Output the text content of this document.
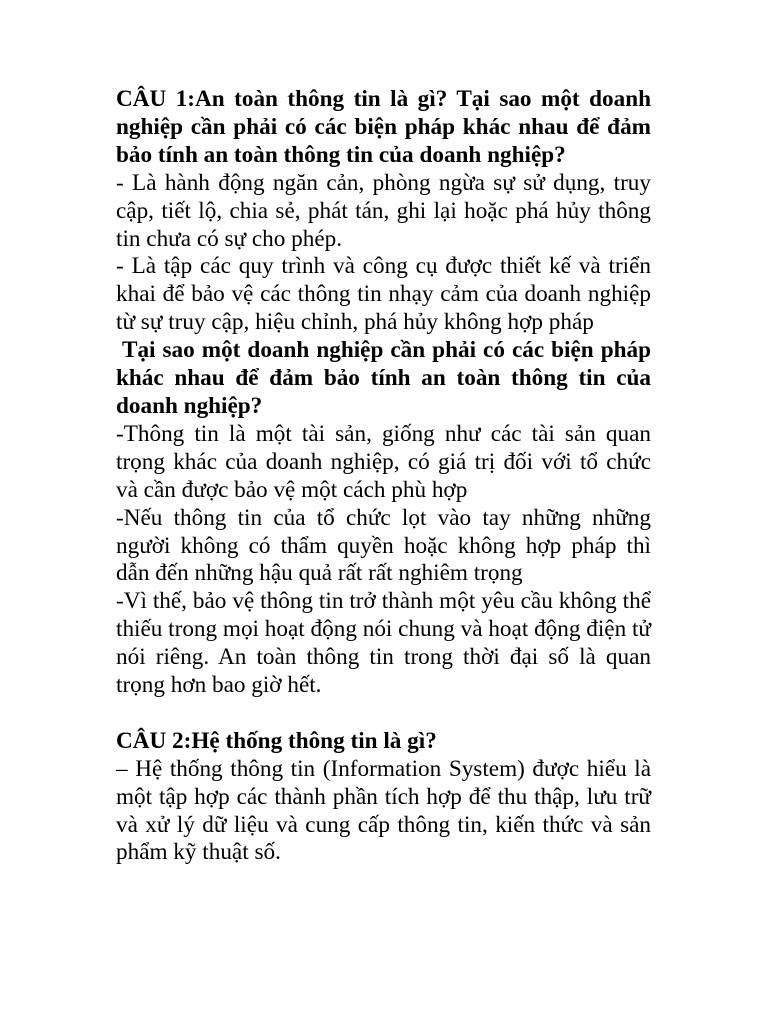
CÂU 1:An toàn thông tin là gì? Tại sao một doanh nghiệp cần phải có các biện pháp khác nhau để đảm bảo tính an toàn thông tin của doanh nghiệp?

- Là hành động ngăn cản, phòng ngừa sự sử dụng, truy cập, tiết lộ, chia sẻ, phát tán, ghi lại hoặc phá hủy thông tin chưa có sự cho phép.

- Là tập các quy trình và công cụ được thiết kế và triển khai để bảo vệ các thông tin nhạy cảm của doanh nghiệp từ sự truy cập, hiệu chỉnh, phá hủy không hợp pháp

Tại sao một doanh nghiệp cần phải có các biện pháp khác nhau để đảm bảo tính an toàn thông tin của doanh nghiệp?

-Thông tin là một tài sản, giống như các tài sản quan trọng khác của doanh nghiệp, có giá trị đối với tổ chức và cần được bảo vệ một cách phù hợp

-Nếu thông tin của tổ chức lọt vào tay những những người không có thẩm quyền hoặc không hợp pháp thì dẫn đến những hậu quả rất rất nghiêm trọng

-Vì thế, bảo vệ thông tin trở thành một yêu cầu không thể thiếu trong mọi hoạt động nói chung và hoạt động điện tử nói riêng. An toàn thông tin trong thời đại số là quan trọng hơn bao giờ hết.

CÂU 2:Hệ thống thông tin là gì?

– Hệ thống thông tin (Information System) được hiểu là một tập hợp các thành phần tích hợp để thu thập, lưu trữ và xử lý dữ liệu và cung cấp thông tin, kiến thức và sản phẩm kỹ thuật số.
